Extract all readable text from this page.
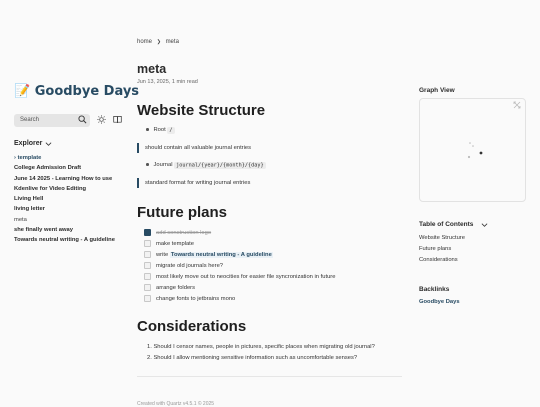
📝 Goodbye Days
Search
Explorer
› template
College Admission Draft
June 14 2025 - Learning How to use
Kdenlive for Video Editing
Living Hell
living letter
meta
she finally went away
Towards neutral writing - A guideline
home ❯ meta
meta
Jun 13, 2025, 1 min read
Website Structure
Root /
should contain all valuable journal entries
Journal journal/{year}/{month}/{day}
standard format for writing journal entries
Future plans
add construction logo
make template
write Towards neutral writing - A guideline
migrate old journals here?
most likely move out to neocities for easier file syncronization in future
arrange folders
change fonts to jetbrains mono
Considerations
1. Should I censor names, people in pictures, specific places when migrating old journal?
2. Should I allow mentioning sensitive information such as uncomfortable senses?
Created with Quartz v4.5.1 © 2025
Graph View
Table of Contents
Website Structure
Future plans
Considerations
Backlinks
Goodbye Days
